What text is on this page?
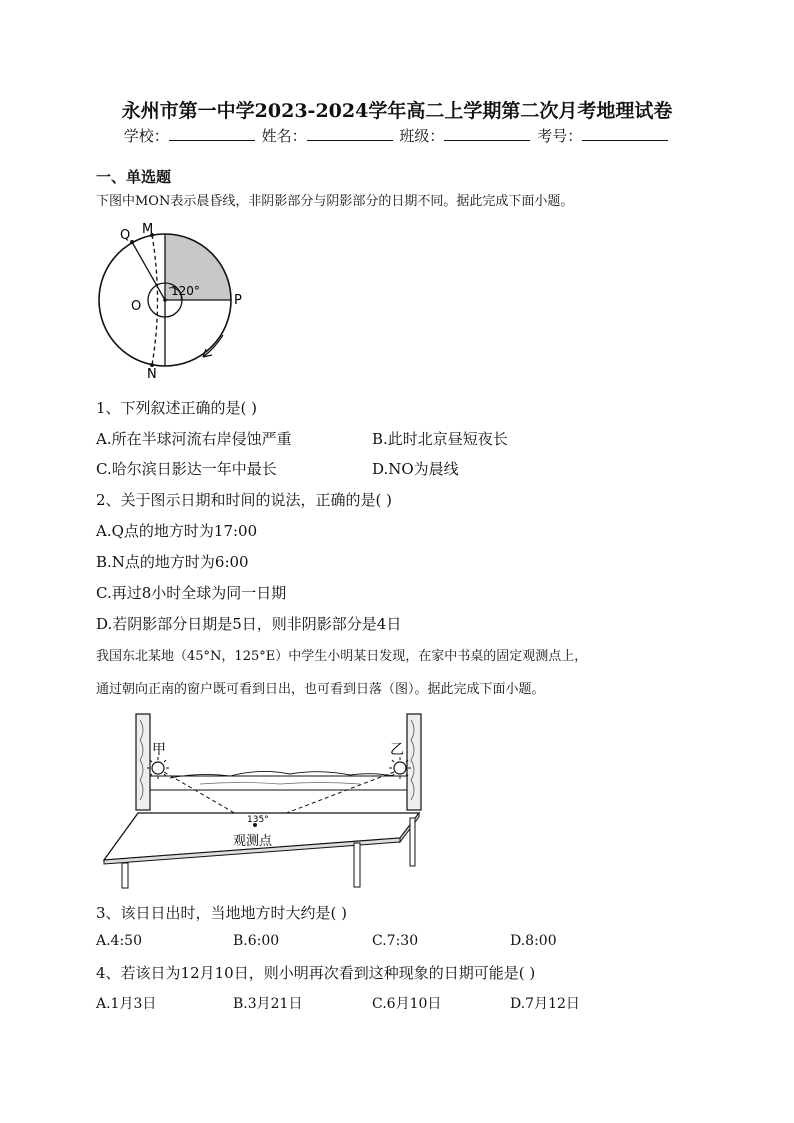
永州市第一中学2023-2024学年高二上学期第二次月考地理试卷
学校：	姓名：	班级：	考号：
一、单选题
下图中MON表示晨昏线，非阴影部分与阴影部分的日期不同。据此完成下面小题。
Q M
O	P
N
120°
1、下列叙述正确的是( )
A.所在半球河流右岸侵蚀严重	B.此时北京昼短夜长
C.哈尔滨日影达一年中最长	D.NO为晨线
2、关于图示日期和时间的说法，正确的是( )
A.Q点的地方时为17:00
B.N点的地方时为6:00
C.再过8小时全球为同一日期
D.若阴影部分日期是5日，则非阴影部分是4日
我国东北某地（45°N，125°E）中学生小明某日发现，在家中书桌的固定观测点上，
通过朝向正南的窗户既可看到日出，也可看到日落（图）。据此完成下面小题。
甲	乙
135°
观测点
3、该日日出时，当地地方时大约是( )
A.4:50	B.6:00	C.7:30	D.8:00
4、若该日为12月10日，则小明再次看到这种现象的日期可能是( )
A.1月3日	B.3月21日	C.6月10日	D.7月12日
